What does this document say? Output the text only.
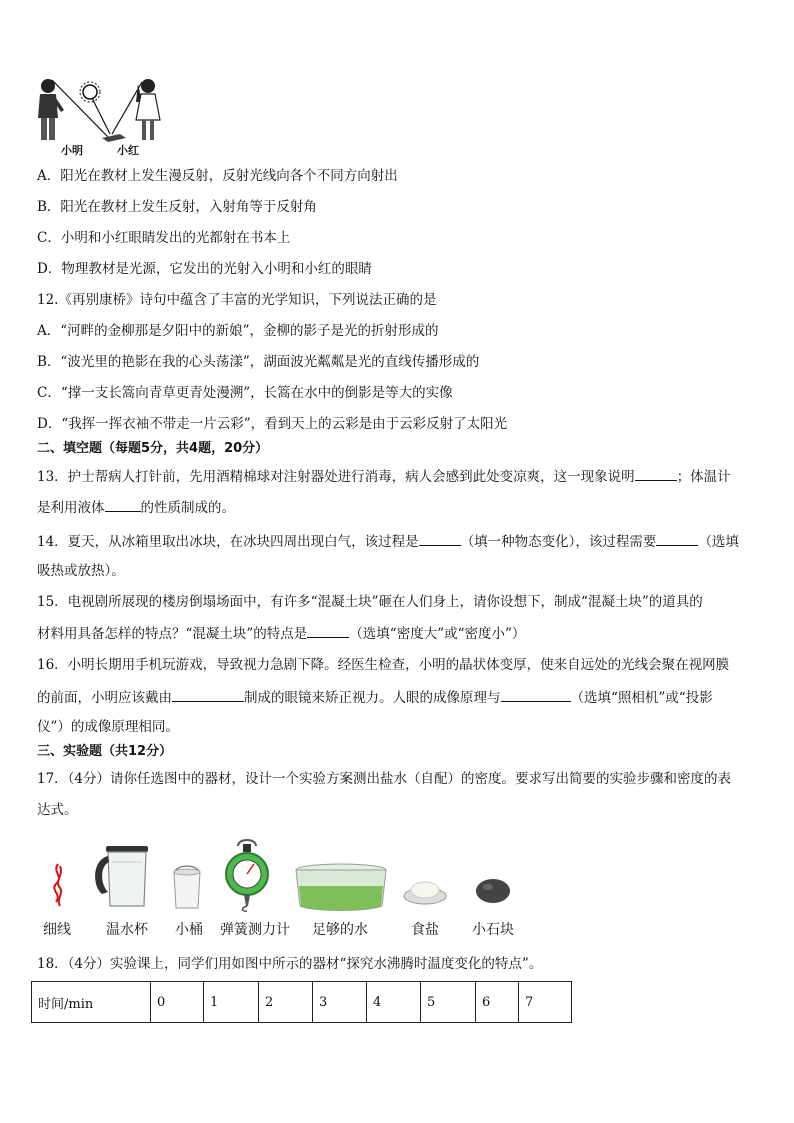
小明	小红
A．阳光在教材上发生漫反射，反射光线向各个不同方向射出
B．阳光在教材上发生反射，入射角等于反射角
C．小明和小红眼睛发出的光都射在书本上
D．物理教材是光源，它发出的光射入小明和小红的眼睛
12.《再别康桥》诗句中蕴含了丰富的光学知识，下列说法正确的是
A．“河畔的金柳那是夕阳中的新娘”，金柳的影子是光的折射形成的
B．“波光里的艳影在我的心头荡漾”，湖面波光粼粼是光的直线传播形成的
C．“撑一支长篙向青草更青处漫溯”，长篙在水中的倒影是等大的实像
D．“我挥一挥衣袖不带走一片云彩”，看到天上的云彩是由于云彩反射了太阳光
二、填空题（每题5分，共4题，20分）
13．护士帮病人打针前，先用酒精棉球对注射器处进行消毒，病人会感到此处变凉爽，这一现象说明	；体温计
是利用液体	的性质制成的。
14．夏天，从冰箱里取出冰块，在冰块四周出现白气，该过程是	（填一种物态变化），该过程需要	（选填
吸热或放热）。
15．电视剧所展现的楼房倒塌场面中，有许多“混凝土块”砸在人们身上，请你设想下，制成“混凝土块”的道具的
材料用具备怎样的特点？“混凝土块”的特点是	（选填“密度大”或“密度小”）
16．小明长期用手机玩游戏，导致视力急剧下降。经医生检查，小明的晶状体变厚，使来自远处的光线会聚在视网膜
的前面，小明应该戴由	制成的眼镜来矫正视力。人眼的成像原理与	（选填“照相机”或“投影
仪”）的成像原理相同。
三、实验题（共12分）
17．（4分）请你任选图中的器材，设计一个实验方案测出盐水（自配）的密度。要求写出简要的实验步骤和密度的表
达式。
细线	温水杯 小桶 弹簧测力计 足够的水	食盐 小石块
18．（4分）实验课上，同学们用如图中所示的器材“探究水沸腾时温度变化的特点”。
时间/min	0	1	2	3	4	5	6	7
